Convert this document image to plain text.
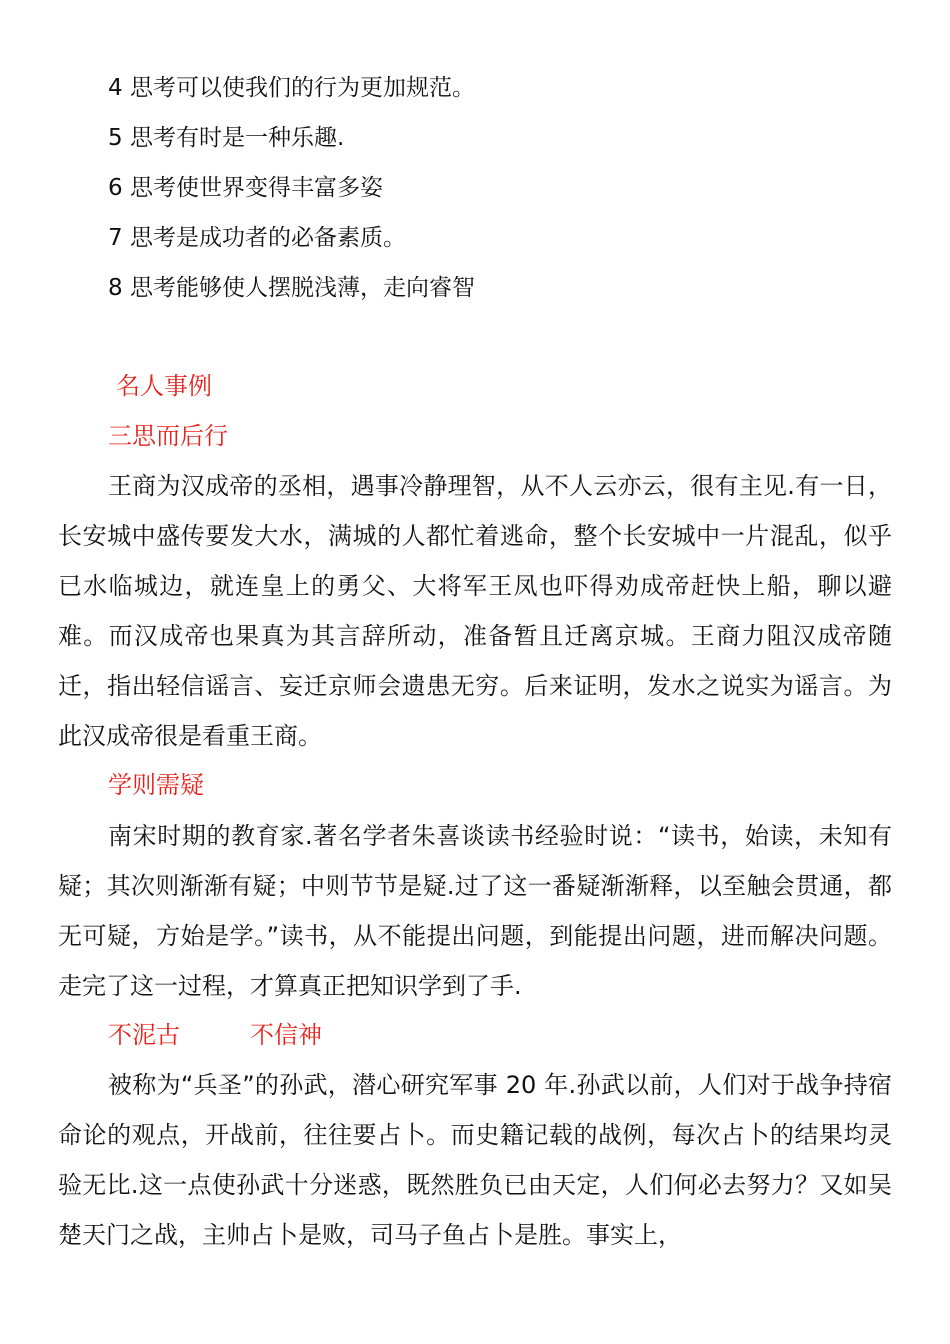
4 思考可以使我们的行为更加规范。
5 思考有时是一种乐趣.
6 思考使世界变得丰富多姿
7 思考是成功者的必备素质。
8 思考能够使人摆脱浅薄，走向睿智
名人事例
三思而后行

王商为汉成帝的丞相，遇事冷静理智，从不人云亦云，很有主见.有一日，长安城中盛传要发大水，满城的人都忙着逃命，整个长安城中一片混乱，似乎已水临城边，就连皇上的勇父、大将军王凤也吓得劝成帝赶快上船，聊以避难。而汉成帝也果真为其言辞所动，准备暂且迁离京城。王商力阻汉成帝随迁，指出轻信谣言、妄迁京师会遗患无穷。后来证明，发水之说实为谣言。为此汉成帝很是看重王商。

学则需疑

南宋时期的教育家.著名学者朱喜谈读书经验时说：“读书，始读，未知有疑；其次则渐渐有疑；中则节节是疑.过了这一番疑渐渐释，以至触会贯通，都无可疑，方始是学。”读书，从不能提出问题，到能提出问题，进而解决问题。走完了这一过程，才算真正把知识学到了手.

不泥古	不信神

被称为“兵圣”的孙武，潜心研究军事 20 年.孙武以前，人们对于战争持宿命论的观点，开战前，往往要占卜。而史籍记载的战例，每次占卜的结果均灵验无比.这一点使孙武十分迷惑，既然胜负已由天定，人们何必去努力？又如吴楚天门之战，主帅占卜是败，司马子鱼占卜是胜。事实上，
